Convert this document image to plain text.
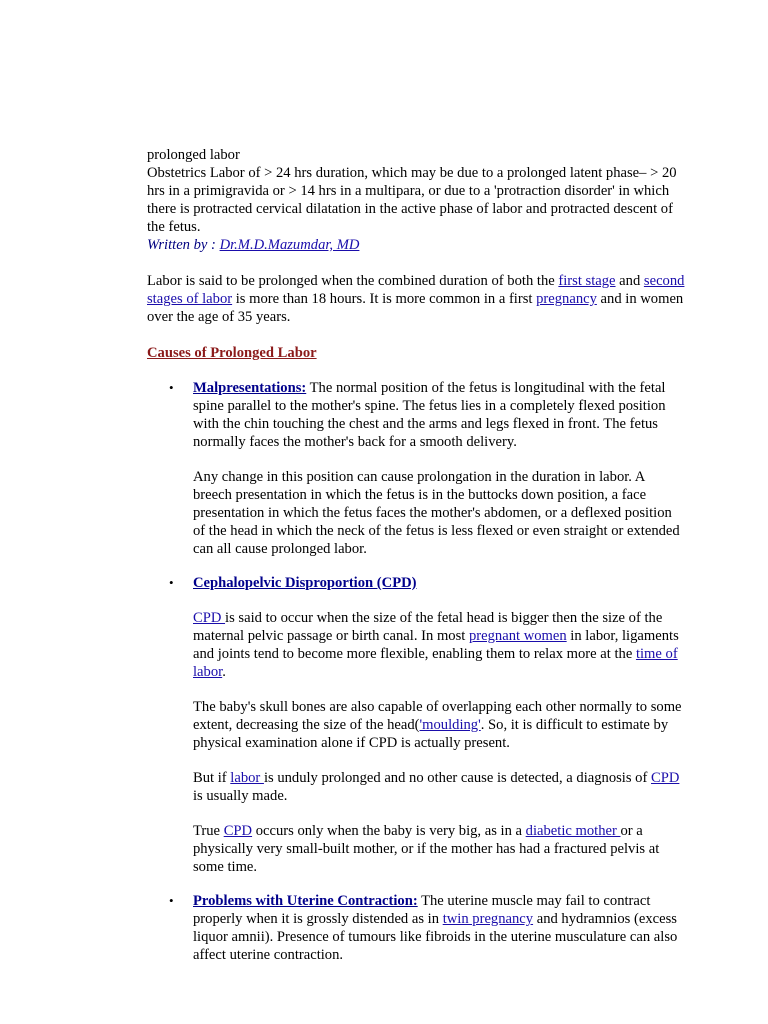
prolonged labor

Obstetrics Labor of > 24 hrs duration, which may be due to a prolonged latent phase– > 20 hrs in a primigravida or > 14 hrs in a multipara, or due to a 'protraction disorder' in which there is protracted cervical dilatation in the active phase of labor and protracted descent of the fetus.

Written by : Dr.M.D.Mazumdar, MD

Labor is said to be prolonged when the combined duration of both the first stage and second stages of labor is more than 18 hours. It is more common in a first pregnancy and in women over the age of 35 years.

Causes of Prolonged Labor

• Malpresentations: The normal position of the fetus is longitudinal with the fetal spine parallel to the mother's spine. The fetus lies in a completely flexed position with the chin touching the chest and the arms and legs flexed in front. The fetus normally faces the mother's back for a smooth delivery.

Any change in this position can cause prolongation in the duration in labor. A breech presentation in which the fetus is in the buttocks down position, a face presentation in which the fetus faces the mother's abdomen, or a deflexed position of the head in which the neck of the fetus is less flexed or even straight or extended can all cause prolonged labor.

• Cephalopelvic Disproportion (CPD)

CPD is said to occur when the size of the fetal head is bigger then the size of the maternal pelvic passage or birth canal. In most pregnant women in labor, ligaments and joints tend to become more flexible, enabling them to relax more at the time of labor.

The baby's skull bones are also capable of overlapping each other normally to some extent, decreasing the size of the head('moulding'. So, it is difficult to estimate by physical examination alone if CPD is actually present.

But if labor is unduly prolonged and no other cause is detected, a diagnosis of CPD is usually made.

True CPD occurs only when the baby is very big, as in a diabetic mother or a physically very small-built mother, or if the mother has had a fractured pelvis at some time.

• Problems with Uterine Contraction: The uterine muscle may fail to contract properly when it is grossly distended as in twin pregnancy and hydramnios (excess liquor amnii). Presence of tumours like fibroids in the uterine musculature can also affect uterine contraction.
